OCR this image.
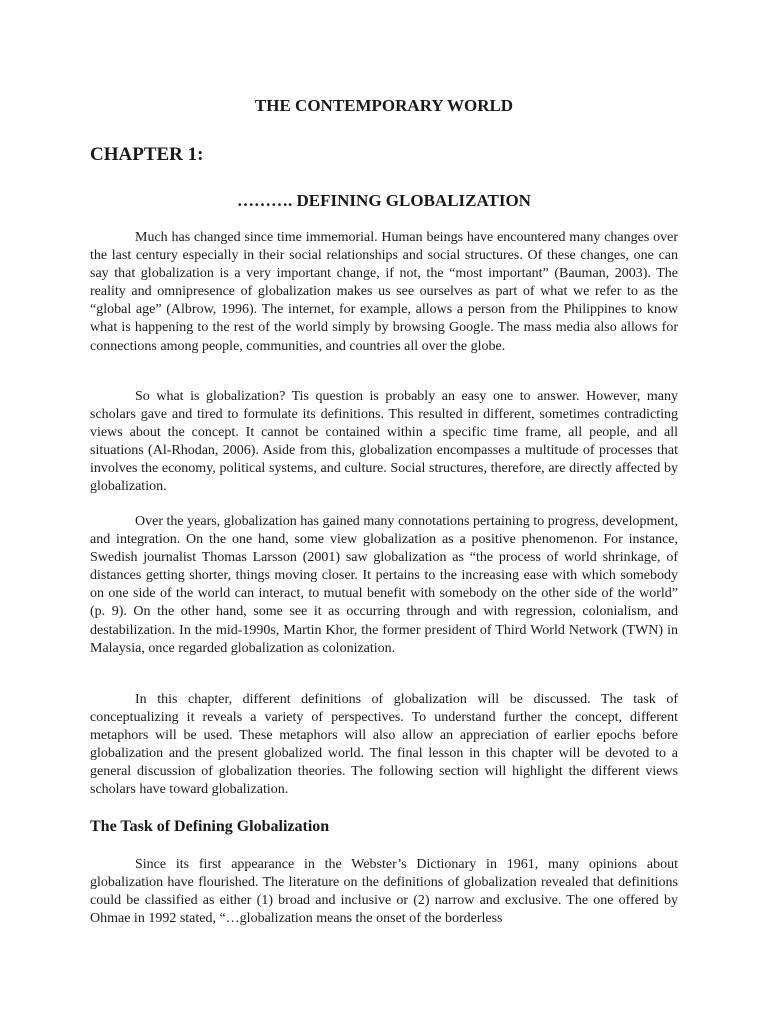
THE CONTEMPORARY WORLD
CHAPTER 1:
………. DEFINING GLOBALIZATION

Much has changed since time immemorial. Human beings have encountered many changes over the last century especially in their social relationships and social structures. Of these changes, one can say that globalization is a very important change, if not, the “most important” (Bauman, 2003). The reality and omnipresence of globalization makes us see ourselves as part of what we refer to as the “global age” (Albrow, 1996). The internet, for example, allows a person from the Philippines to know what is happening to the rest of the world simply by browsing Google. The mass media also allows for connections among people, communities, and countries all over the globe.

So what is globalization? Tis question is probably an easy one to answer. However, many scholars gave and tired to formulate its definitions. This resulted in different, sometimes contradicting views about the concept. It cannot be contained within a specific time frame, all people, and all situations (Al-Rhodan, 2006). Aside from this, globalization encompasses a multitude of processes that involves the economy, political systems, and culture. Social structures, therefore, are directly affected by globalization.

Over the years, globalization has gained many connotations pertaining to progress, development, and integration. On the one hand, some view globalization as a positive phenomenon. For instance, Swedish journalist Thomas Larsson (2001) saw globalization as “the process of world shrinkage, of distances getting shorter, things moving closer. It pertains to the increasing ease with which somebody on one side of the world can interact, to mutual benefit with somebody on the other side of the world” (p. 9). On the other hand, some see it as occurring through and with regression, colonialism, and destabilization. In the mid-1990s, Martin Khor, the former president of Third World Network (TWN) in Malaysia, once regarded globalization as colonization.

In this chapter, different definitions of globalization will be discussed. The task of conceptualizing it reveals a variety of perspectives. To understand further the concept, different metaphors will be used. These metaphors will also allow an appreciation of earlier epochs before globalization and the present globalized world. The final lesson in this chapter will be devoted to a general discussion of globalization theories. The following section will highlight the different views scholars have toward globalization.

The Task of Defining Globalization

Since its first appearance in the Webster’s Dictionary in 1961, many opinions about globalization have flourished. The literature on the definitions of globalization revealed that definitions could be classified as either (1) broad and inclusive or (2) narrow and exclusive. The one offered by Ohmae in 1992 stated, “…globalization means the onset of the borderless
